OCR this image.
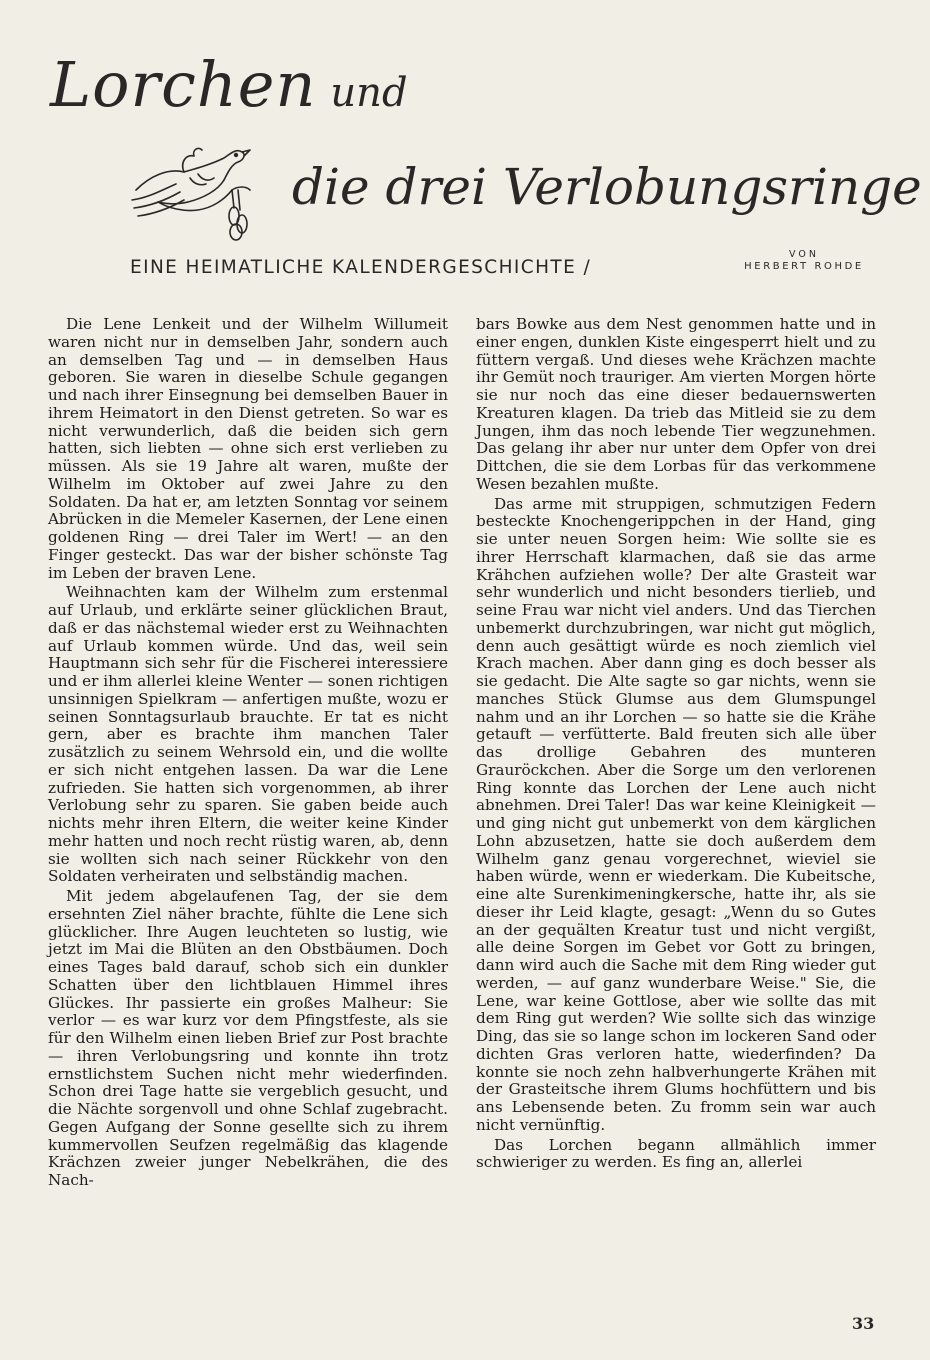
Lorchen und
die drei Verlobungsringe
EINE HEIMATLICHE KALENDERGESCHICHTE /
VON
HERBERT ROHDE

Die Lene Lenkeit und der Wilhelm Willumeit waren nicht nur in demselben Jahr, sondern auch an demselben Tag und — in demselben Haus geboren. Sie waren in dieselbe Schule gegangen und nach ihrer Einsegnung bei demselben Bauer in ihrem Heimatort in den Dienst getreten. So war es nicht verwunderlich, daß die beiden sich gern hatten, sich liebten — ohne sich erst verlieben zu müssen. Als sie 19 Jahre alt waren, mußte der Wilhelm im Oktober auf zwei Jahre zu den Soldaten. Da hat er, am letzten Sonntag vor seinem Abrücken in die Memeler Kasernen, der Lene einen goldenen Ring — drei Taler im Wert! — an den Finger gesteckt. Das war der bisher schönste Tag im Leben der braven Lene.

Weihnachten kam der Wilhelm zum erstenmal auf Urlaub, und erklärte seiner glücklichen Braut, daß er das nächstemal wieder erst zu Weihnachten auf Urlaub kommen würde. Und das, weil sein Hauptmann sich sehr für die Fischerei interessiere und er ihm allerlei kleine Wenter — sonen richtigen unsinnigen Spielkram — anfertigen mußte, wozu er seinen Sonntagsurlaub brauchte. Er tat es nicht gern, aber es brachte ihm manchen Taler zusätzlich zu seinem Wehrsold ein, und die wollte er sich nicht entgehen lassen. Da war die Lene zufrieden. Sie hatten sich vorgenommen, ab ihrer Verlobung sehr zu sparen. Sie gaben beide auch nichts mehr ihren Eltern, die weiter keine Kinder mehr hatten und noch recht rüstig waren, ab, denn sie wollten sich nach seiner Rückkehr von den Soldaten verheiraten und selbständig machen.

Mit jedem abgelaufenen Tag, der sie dem ersehnten Ziel näher brachte, fühlte die Lene sich glücklicher. Ihre Augen leuchteten so lustig, wie jetzt im Mai die Blüten an den Obstbäumen. Doch eines Tages bald darauf, schob sich ein dunkler Schatten über den lichtblauen Himmel ihres Glückes. Ihr passierte ein großes Malheur: Sie verlor — es war kurz vor dem Pfingstfeste, als sie für den Wilhelm einen lieben Brief zur Post brachte — ihren Verlobungsring und konnte ihn trotz ernstlichstem Suchen nicht mehr wiederfinden. Schon drei Tage hatte sie vergeblich gesucht, und die Nächte sorgenvoll und ohne Schlaf zugebracht. Gegen Aufgang der Sonne gesellte sich zu ihrem kummervollen Seufzen regelmäßig das klagende Krächzen zweier junger Nebelkrähen, die des Nach-

bars Bowke aus dem Nest genommen hatte und in einer engen, dunklen Kiste eingesperrt hielt und zu füttern vergaß. Und dieses wehe Krächzen machte ihr Gemüt noch trauriger. Am vierten Morgen hörte sie nur noch das eine dieser bedauernswerten Kreaturen klagen. Da trieb das Mitleid sie zu dem Jungen, ihm das noch lebende Tier wegzunehmen. Das gelang ihr aber nur unter dem Opfer von drei Dittchen, die sie dem Lorbas für das verkommene Wesen bezahlen mußte.

Das arme mit struppigen, schmutzigen Federn besteckte Knochengerippchen in der Hand, ging sie unter neuen Sorgen heim: Wie sollte sie es ihrer Herrschaft klarmachen, daß sie das arme Krähchen aufziehen wolle? Der alte Grasteit war sehr wunderlich und nicht besonders tierlieb, und seine Frau war nicht viel anders. Und das Tierchen unbemerkt durchzubringen, war nicht gut möglich, denn auch gesättigt würde es noch ziemlich viel Krach machen. Aber dann ging es doch besser als sie gedacht. Die Alte sagte so gar nichts, wenn sie manches Stück Glumse aus dem Glumspungel nahm und an ihr Lorchen — so hatte sie die Krähe getauft — verfütterte. Bald freuten sich alle über das drollige Gebahren des munteren Grauröckchen. Aber die Sorge um den verlorenen Ring konnte das Lorchen der Lene auch nicht abnehmen. Drei Taler! Das war keine Kleinigkeit — und ging nicht gut unbemerkt von dem kärglichen Lohn abzusetzen, hatte sie doch außerdem dem Wilhelm ganz genau vorgerechnet, wieviel sie haben würde, wenn er wiederkam. Die Kubeitsche, eine alte Surenkimeningkersche, hatte ihr, als sie dieser ihr Leid klagte, gesagt: „Wenn du so Gutes an der gequälten Kreatur tust und nicht vergißt, alle deine Sorgen im Gebet vor Gott zu bringen, dann wird auch die Sache mit dem Ring wieder gut werden, — auf ganz wunderbare Weise." Sie, die Lene, war keine Gottlose, aber wie sollte das mit dem Ring gut werden? Wie sollte sich das winzige Ding, das sie so lange schon im lockeren Sand oder dichten Gras verloren hatte, wiederfinden? Da konnte sie noch zehn halbverhungerte Krähen mit der Grasteitsche ihrem Glums hochfüttern und bis ans Lebensende beten. Zu fromm sein war auch nicht vernünftig.

Das Lorchen begann allmählich immer schwieriger zu werden. Es fing an, allerlei

33
